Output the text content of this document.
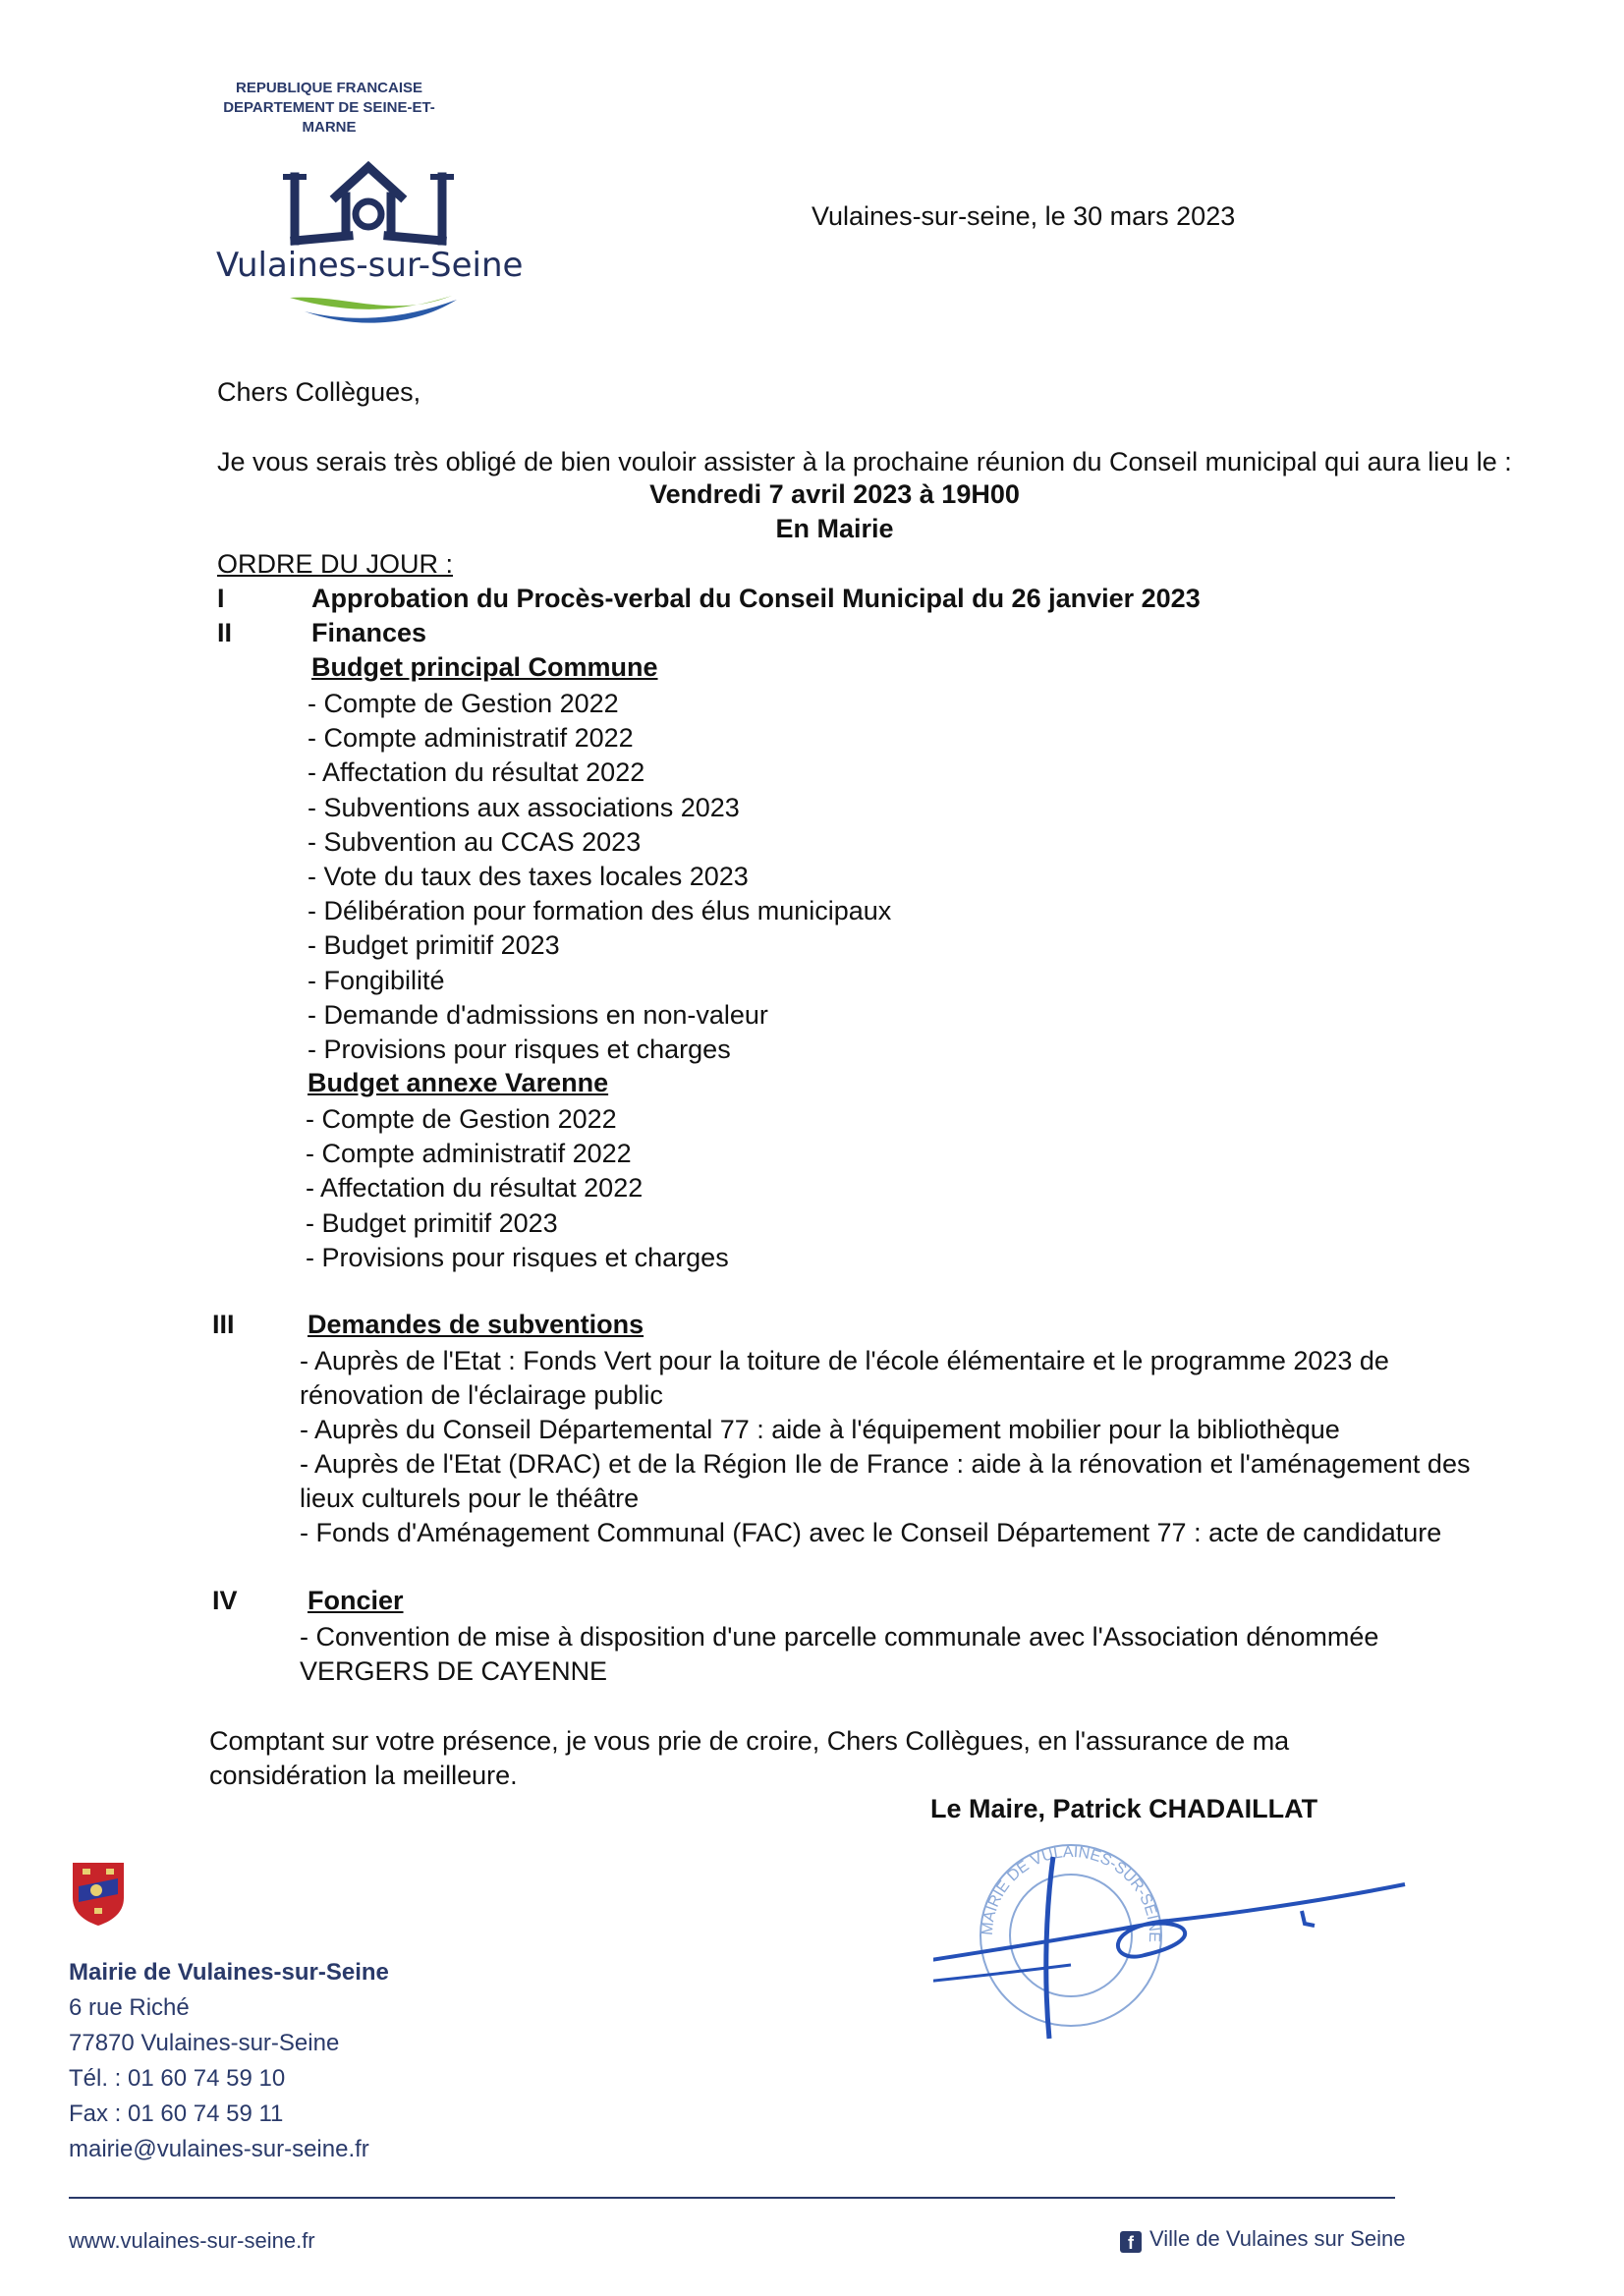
REPUBLIQUE FRANCAISE
DEPARTEMENT DE SEINE-ET-
MARNE
Vulaines-sur-Seine
Vulaines-sur-seine, le 30 mars 2023
Chers Collègues,
Je vous serais très obligé de bien vouloir assister à la prochaine réunion du Conseil municipal qui aura lieu le :
Vendredi 7 avril 2023 à 19H00
En Mairie
ORDRE DU JOUR :
I	Approbation du Procès-verbal du Conseil Municipal du 26 janvier 2023
II	Finances
Budget principal Commune
- Compte de Gestion 2022
- Compte administratif 2022
- Affectation du résultat 2022
- Subventions aux associations 2023
- Subvention au CCAS 2023
- Vote du taux des taxes locales 2023
- Délibération pour formation des élus municipaux
- Budget primitif 2023
- Fongibilité
- Demande d'admissions en non-valeur
- Provisions pour risques et charges
Budget annexe Varenne
- Compte de Gestion 2022
- Compte administratif 2022
- Affectation du résultat 2022
- Budget primitif 2023
- Provisions pour risques et charges
III	Demandes de subventions
- Auprès de l'Etat : Fonds Vert pour la toiture de l'école élémentaire et le programme 2023 de rénovation de l'éclairage public
- Auprès du Conseil Départemental 77 : aide à l'équipement mobilier pour la bibliothèque
- Auprès de l'Etat (DRAC) et de la Région Ile de France : aide à la rénovation et l'aménagement des lieux culturels pour le théâtre
- Fonds d'Aménagement Communal (FAC) avec le Conseil Département 77 : acte de candidature
IV	Foncier
- Convention de mise à disposition d'une parcelle communale avec l'Association dénommée VERGERS DE CAYENNE
Comptant sur votre présence, je vous prie de croire, Chers Collègues, en l'assurance de ma considération la meilleure.
Le Maire, Patrick CHADAILLAT
MAIRIE DE VULAINES-SUR-SEINE
Mairie de Vulaines-sur-Seine
6 rue Riché
77870 Vulaines-sur-Seine
Tél. : 01 60 74 59 10
Fax : 01 60 74 59 11
mairie@vulaines-sur-seine.fr
www.vulaines-sur-seine.fr	f Ville de Vulaines sur Seine
